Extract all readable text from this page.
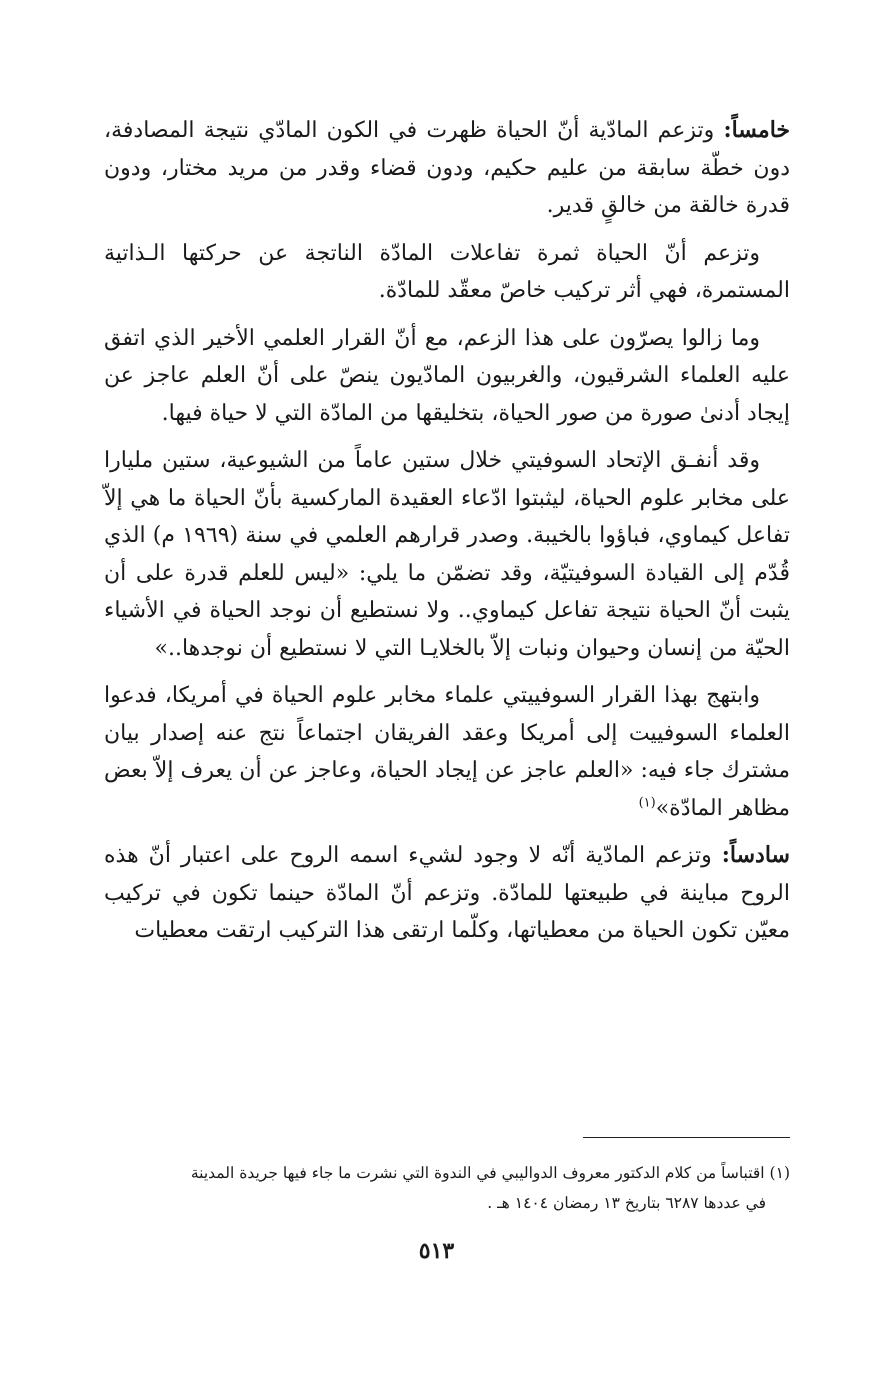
خامساً: وتزعم المادّية أنّ الحياة ظهرت في الكون المادّي نتيجة المصادفة، دون خطّة سابقة من عليم حكيم، ودون قضاء وقدر من مريد مختار، ودون قدرة خالقة من خالقٍ قدير.

وتزعم أنّ الحياة ثمرة تفاعلات المادّة الناتجة عن حركتها الـذاتية المستمرة، فهي أثر تركيب خاصّ معقّد للمادّة.

وما زالوا يصرّون على هذا الزعم، مع أنّ القرار العلمي الأخير الذي اتفق عليه العلماء الشرقيون، والغربيون المادّيون ينصّ على أنّ العلم عاجز عن إيجاد أدنىٰ صورة من صور الحياة، بتخليقها من المادّة التي لا حياة فيها.

وقد أنفـق الإتحاد السوفيتي خلال ستين عاماً من الشيوعية، ستين مليارا على مخابر علوم الحياة، ليثبتوا ادّعاء العقيدة الماركسية بأنّ الحياة ما هي إلاّ تفاعل كيماوي، فباؤوا بالخيبة. وصدر قرارهم العلمي في سنة (١٩٦٩ م) الذي قُدّم إلى القيادة السوفيتيّة، وقد تضمّن ما يلي: «ليس للعلم قدرة على أن يثبت أنّ الحياة نتيجة تفاعل كيماوي.. ولا نستطيع أن نوجد الحياة في الأشياء الحيّة من إنسان وحيوان ونبات إلاّ بالخلايـا التي لا نستطيع أن نوجدها..»

وابتهج بهذا القرار السوفييتي علماء مخابر علوم الحياة في أمريكا، فدعوا العلماء السوفييت إلى أمريكا وعقد الفريقان اجتماعاً نتج عنه إصدار بيان مشترك جاء فيه: «العلم عاجز عن إيجاد الحياة، وعاجز عن أن يعرف إلاّ بعض مظاهر المادّة»$^{(١)}$

سادساً: وتزعم المادّية أنّه لا وجود لشيء اسمه الروح على اعتبار أنّ هذه الروح مباينة في طبيعتها للمادّة. وتزعم أنّ المادّة حينما تكون في تركيب معيّن تكون الحياة من معطياتها، وكلّما ارتقى هذا التركيب ارتقت معطيات

(١) اقتباساً من كلام الدكتور معروف الدواليبي في الندوة التي نشرت ما جاء فيها جريدة المدينة
في عددها ٦٢٨٧ بتاريخ ١٣ رمضان ١٤٠٤ هـ .

٥١٣
